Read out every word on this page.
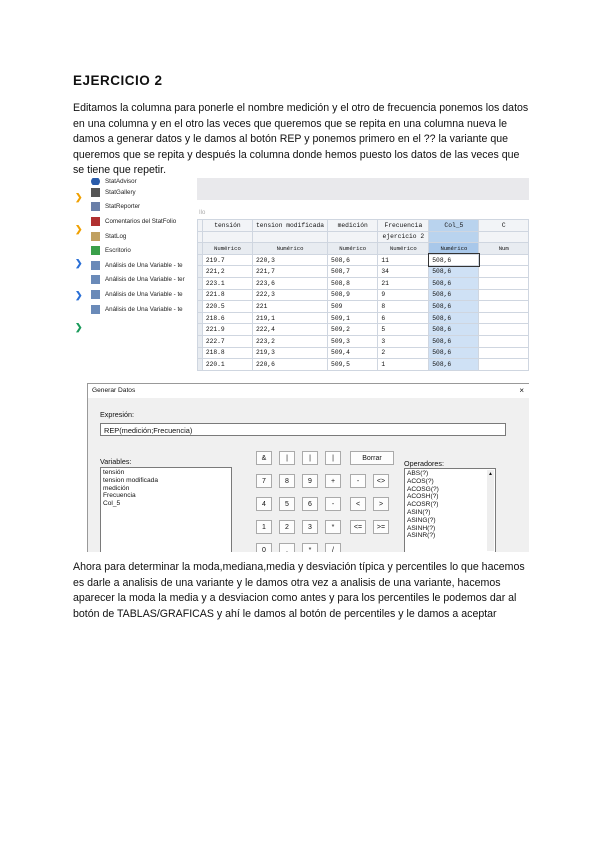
EJERCICIO 2

Editamos la columna para ponerle el nombre medición y el otro de frecuencia ponemos los datos en una columna y en el otro las veces que queremos que se repita en una columna nueva le damos a generar datos y le damos al botón REP y ponemos primero en el ?? la variante que queremos que se repita y después la columna donde hemos puesto los datos de las veces que se tiene que repetir.

❯
❯
❯
❯
❯
StatAdvisor
StatGallery
StatReporter
Comentarios del StatFolio
StatLog
Escritorio
Análisis de Una Variable - te
Análisis de Una Variable - ter
Análisis de Una Variable - te
Análisis de Una Variable - te
Ilo
	tensión	tension modificada	medición	Frecuencia	Col_5	C
				ejercicio 2		
	Numérico	Numérico	Numérico	Numérico	Numérico	Num
	219.7	220,3	508,6	11	508,6	
	221,2	221,7	508,7	34	508,6	
	223.1	223,6	508,8	21	508,6	
	221.8	222,3	508,9	9	508,6	
	220.5	221	509	8	508,6	
	218.6	219,1	509,1	6	508,6	
	221.9	222,4	509,2	5	508,6	
	222.7	223,2	509,3	3	508,6	
	218.8	219,3	509,4	2	508,6	
	220.1	220,6	509,5	1	508,6	
Generar Datos	×
Expresión:
REP(medición;Frecuencia)
Variables:
tensión
tension modificada
medición
Frecuencia
Col_5
&	|	|	|	Borrar
7	8	9	+	-	<>
4	5	6	-	<	>
1	2	3	*	<=	>=
0	,	*	/
Operadores:
ABS(?)
ACOS(?)
ACOSG(?)
ACOSH(?)
ACOSR(?)
ASIN(?)
ASING(?)
ASINH(?)
ASINR(?)
▲

Ahora para determinar la moda,mediana,media y desviación típica y percentiles lo que hacemos es darle a analisis de una variante y le damos otra vez a analisis de una variante, hacemos aparecer la moda la media y a desviacion como antes y para los percentiles le podemos dar al botón de TABLAS/GRAFICAS y ahí le damos al botón de percentiles y le damos a aceptar
